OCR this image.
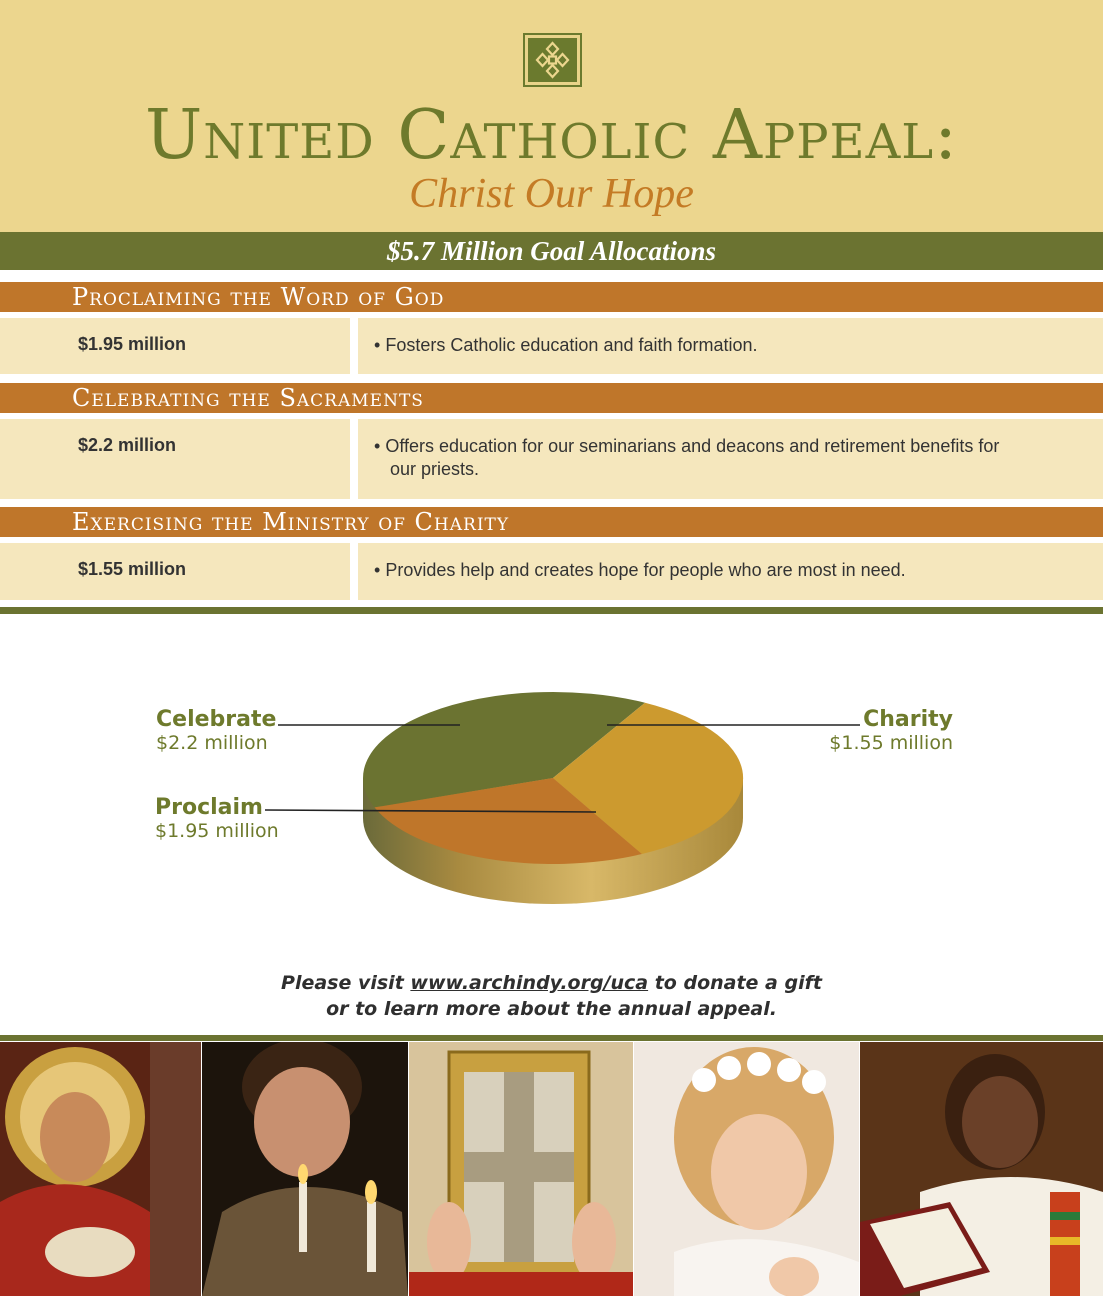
United Catholic Appeal:
Christ Our Hope
$5.7 Million Goal Allocations
Proclaiming the Word of God
$1.95 million	• Fosters Catholic education and faith formation.
Celebrating the Sacraments
$2.2 million	• Offers education for our seminarians and deacons and retirement benefits for our priests.
Exercising the Ministry of Charity
$1.55 million	• Provides help and creates hope for people who are most in need.
Celebrate
$2.2 million
Proclaim
$1.95 million
Charity
$1.55 million
Please visit www.archindy.org/uca to donate a gift
or to learn more about the annual appeal.
